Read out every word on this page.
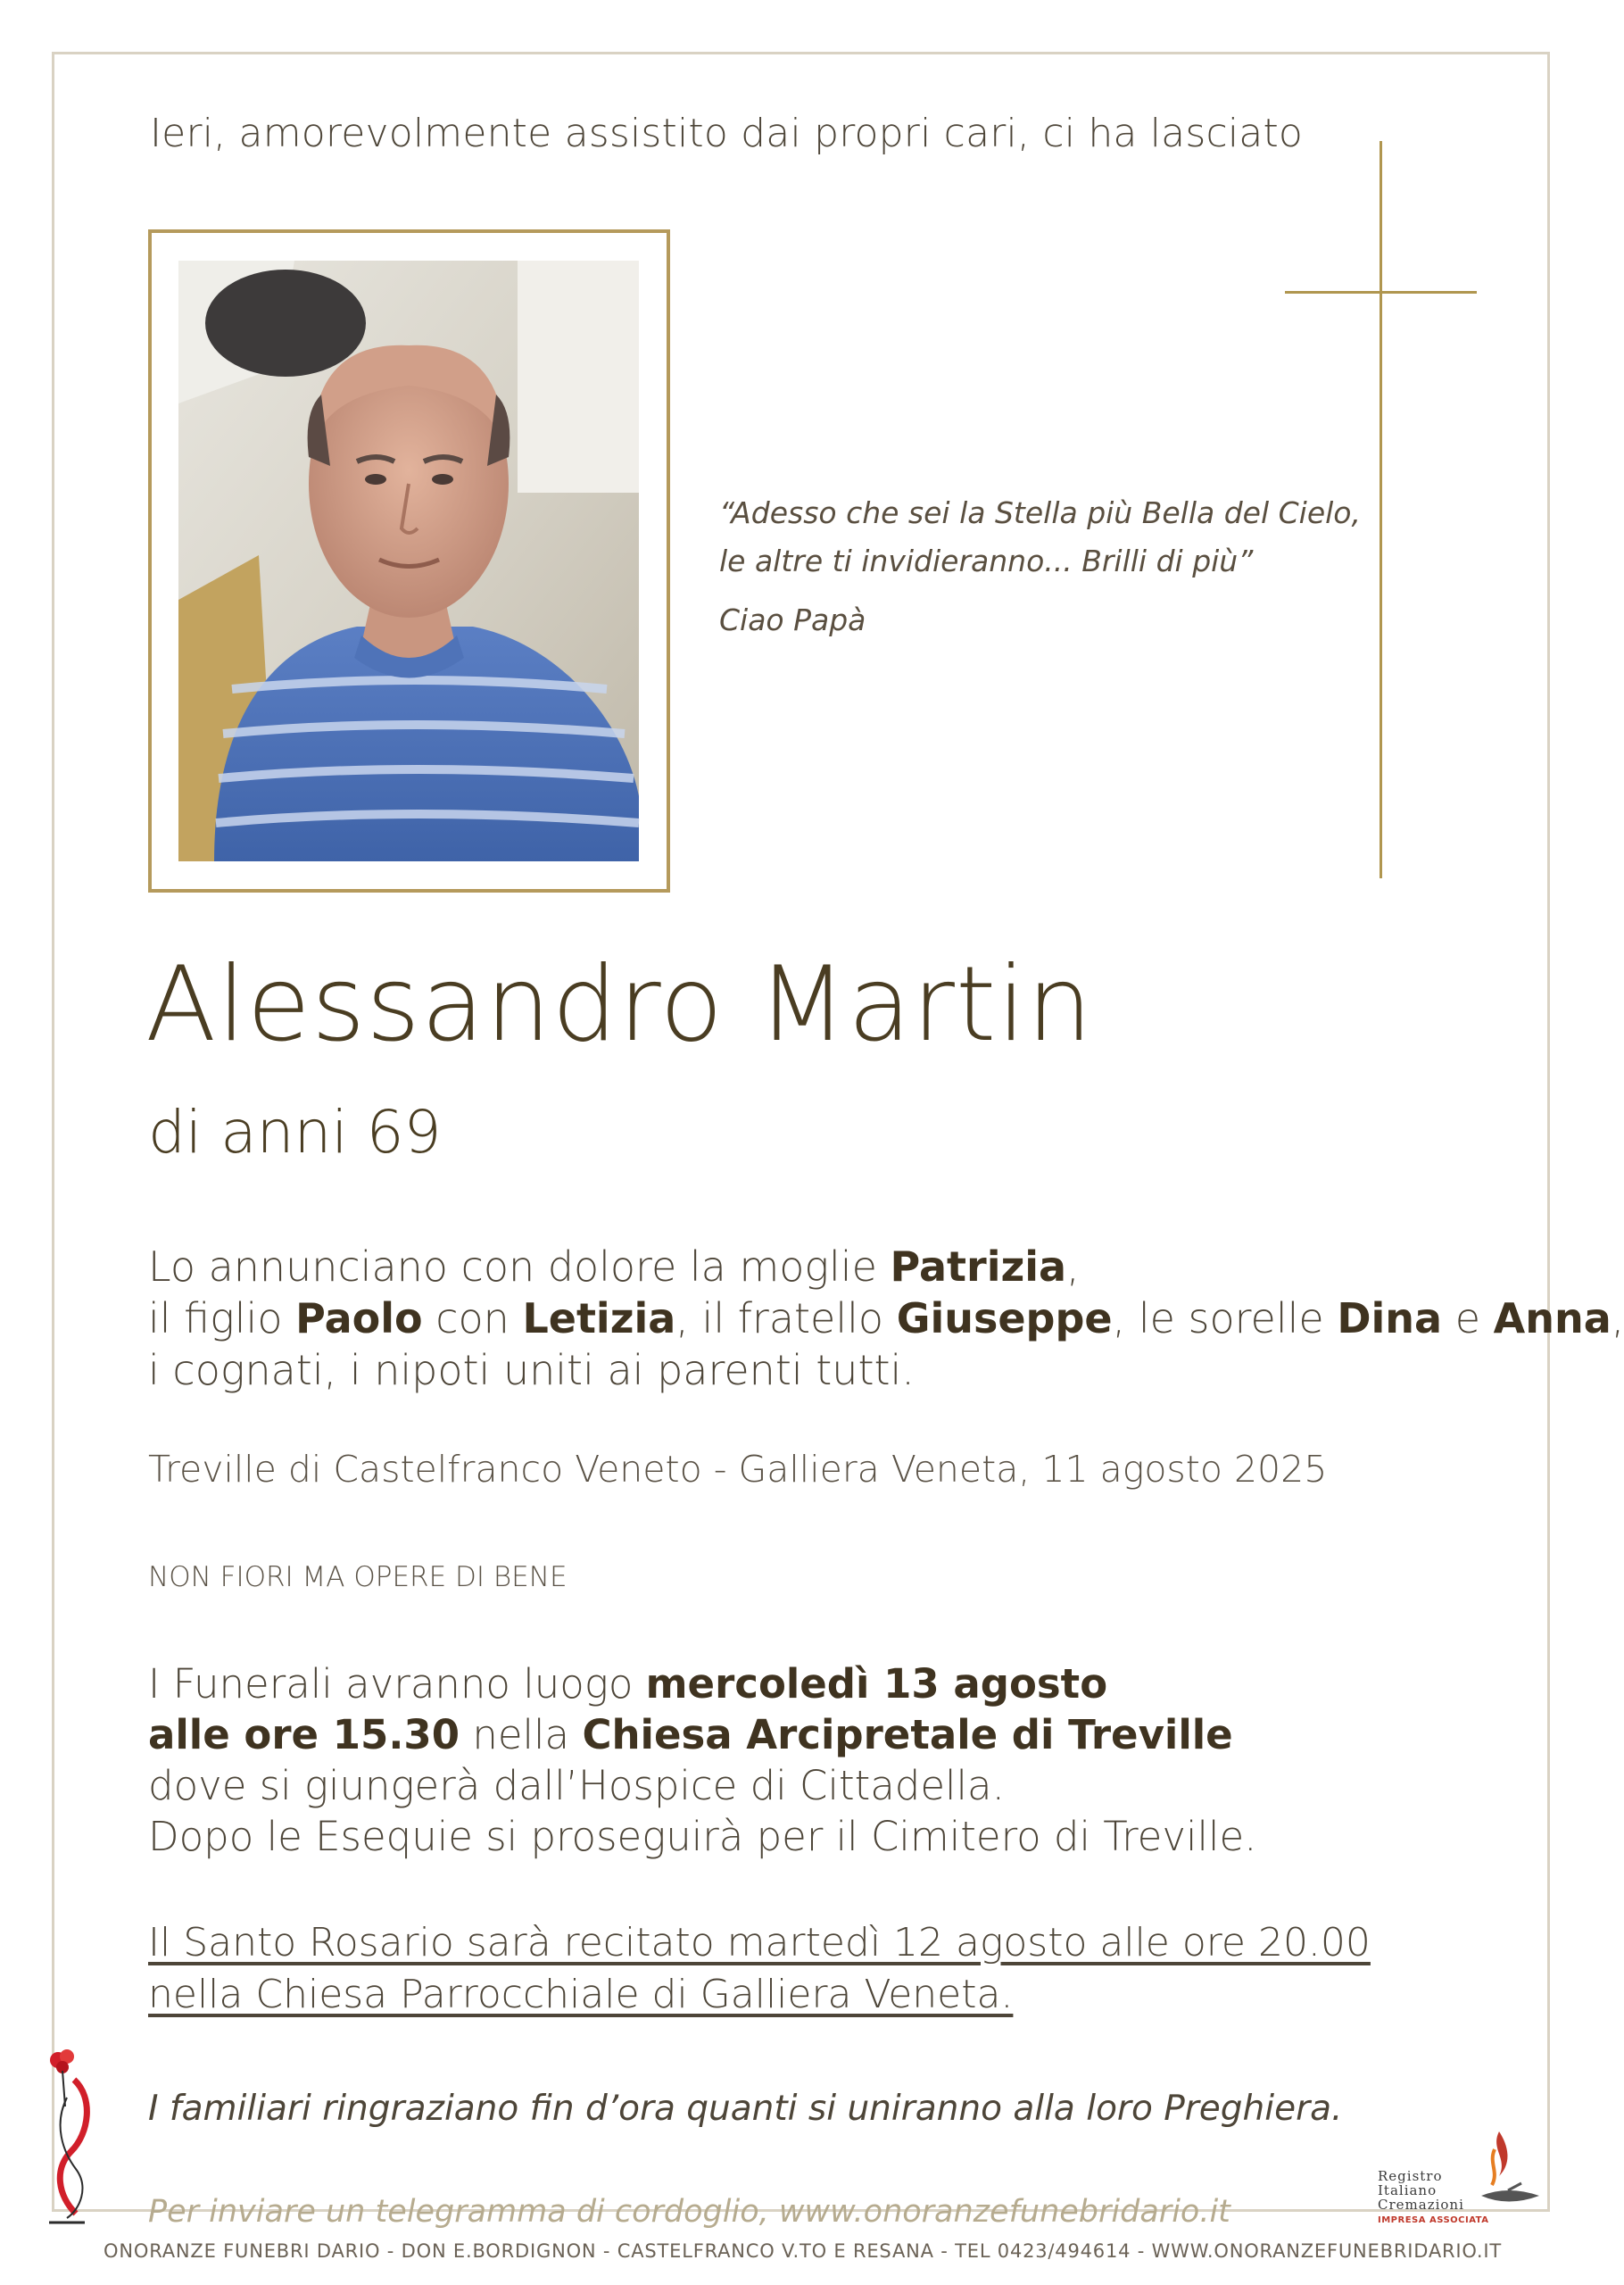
Ieri, amorevolmente assistito dai propri cari, ci ha lasciato
“Adesso che sei la Stella più Bella del Cielo,
le altre ti invidieranno... Brilli di più”
Ciao Papà
Alessandro Martin
di anni 69
Lo annunciano con dolore la moglie Patrizia,
il figlio Paolo con Letizia, il fratello Giuseppe, le sorelle Dina e Anna,
i cognati, i nipoti uniti ai parenti tutti.
Treville di Castelfranco Veneto - Galliera Veneta, 11 agosto 2025
NON FIORI MA OPERE DI BENE
I Funerali avranno luogo mercoledì 13 agosto
alle ore 15.30 nella Chiesa Arcipretale di Treville
dove si giungerà dall’Hospice di Cittadella.
Dopo le Esequie si proseguirà per il Cimitero di Treville.
Il Santo Rosario sarà recitato martedì 12 agosto alle ore 20.00
nella Chiesa Parrocchiale di Galliera Veneta.
I familiari ringraziano fin d’ora quanti si uniranno alla loro Preghiera.
Per inviare un telegramma di cordoglio, www.onoranzefunebridario.it
ONORANZE FUNEBRI DARIO - DON E.BORDIGNON - CASTELFRANCO V.TO E RESANA - TEL 0423/494614 - WWW.ONORANZEFUNEBRIDARIO.IT
Registro
Italiano
Cremazioni
IMPRESA ASSOCIATA
